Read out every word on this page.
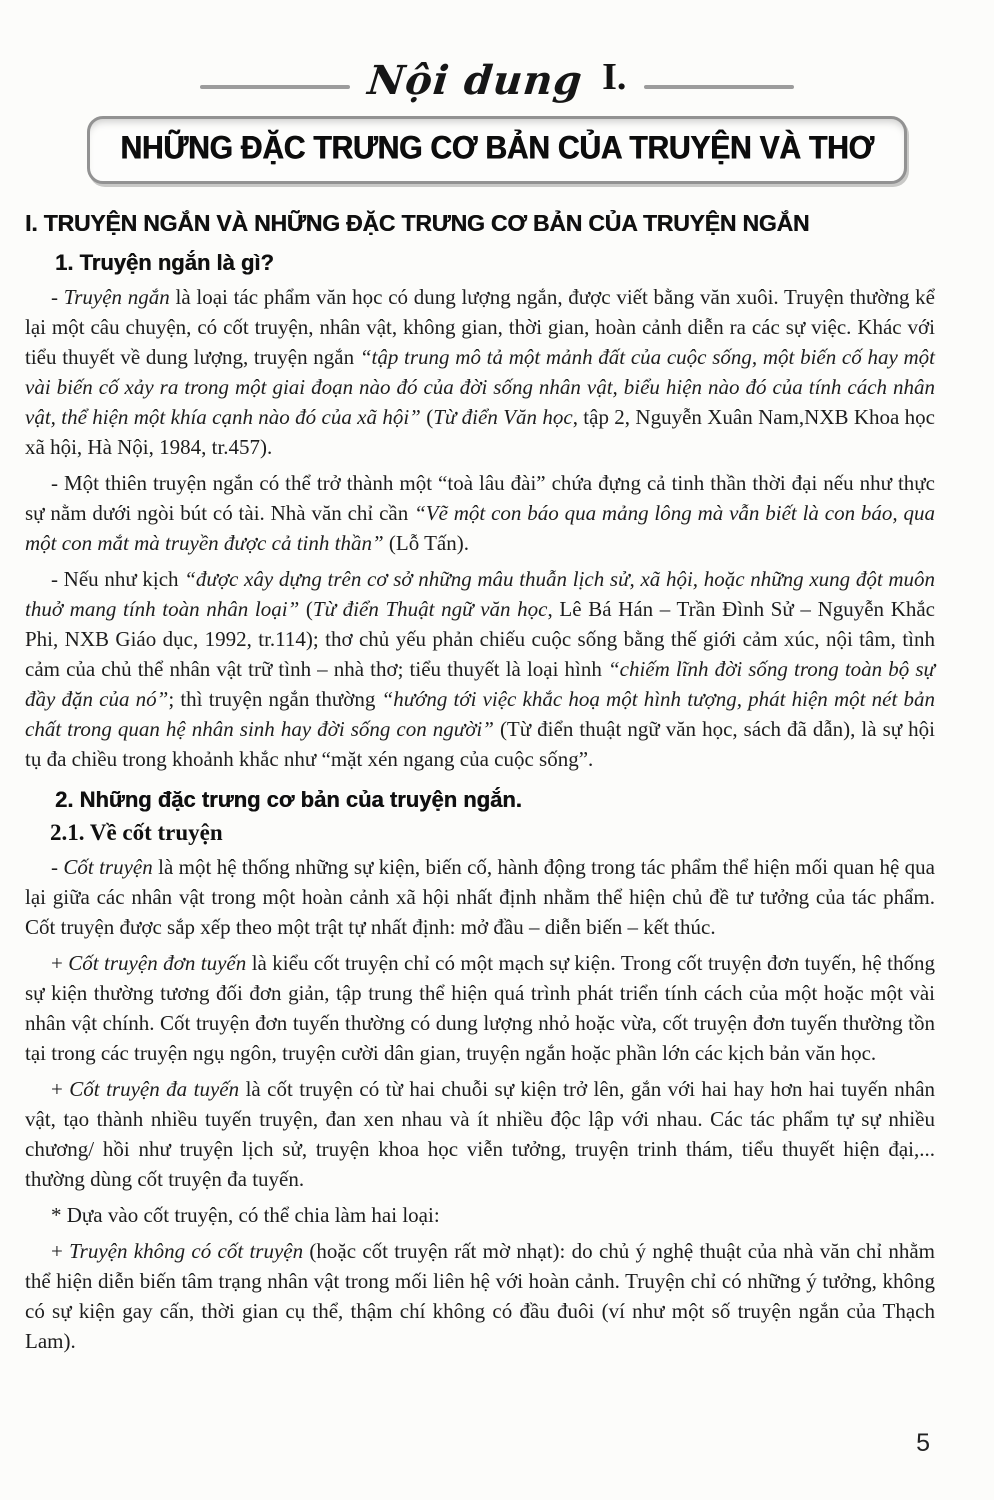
Nội dung I.
NHỮNG ĐẶC TRƯNG CƠ BẢN CỦA TRUYỆN VÀ THƠ
I. TRUYỆN NGẮN VÀ NHỮNG ĐẶC TRƯNG CƠ BẢN CỦA TRUYỆN NGẮN
1. Truyện ngắn là gì?

- Truyện ngắn là loại tác phẩm văn học có dung lượng ngắn, được viết bằng văn xuôi. Truyện thường kể lại một câu chuyện, có cốt truyện, nhân vật, không gian, thời gian, hoàn cảnh diễn ra các sự việc. Khác với tiểu thuyết về dung lượng, truyện ngắn “tập trung mô tả một mảnh đất của cuộc sống, một biến cố hay một vài biến cố xảy ra trong một giai đoạn nào đó của đời sống nhân vật, biểu hiện nào đó của tính cách nhân vật, thể hiện một khía cạnh nào đó của xã hội” (Từ điển Văn học, tập 2, Nguyễn Xuân Nam,NXB Khoa học xã hội, Hà Nội, 1984, tr.457).

- Một thiên truyện ngắn có thể trở thành một “toà lâu đài” chứa đựng cả tinh thần thời đại nếu như thực sự nằm dưới ngòi bút có tài. Nhà văn chỉ cần “Vẽ một con báo qua mảng lông mà vẫn biết là con báo, qua một con mắt mà truyền được cả tinh thần” (Lỗ Tấn).

- Nếu như kịch “được xây dựng trên cơ sở những mâu thuẫn lịch sử, xã hội, hoặc những xung đột muôn thuở mang tính toàn nhân loại” (Từ điển Thuật ngữ văn học, Lê Bá Hán – Trần Đình Sử – Nguyễn Khắc Phi, NXB Giáo dục, 1992, tr.114); thơ chủ yếu phản chiếu cuộc sống bằng thế giới cảm xúc, nội tâm, tình cảm của chủ thể nhân vật trữ tình – nhà thơ; tiểu thuyết là loại hình “chiếm lĩnh đời sống trong toàn bộ sự đầy đặn của nó”; thì truyện ngắn thường “hướng tới việc khắc hoạ một hình tượng, phát hiện một nét bản chất trong quan hệ nhân sinh hay đời sống con người” (Từ điển thuật ngữ văn học, sách đã dẫn), là sự hội tụ đa chiều trong khoảnh khắc như “mặt xén ngang của cuộc sống”.

2. Những đặc trưng cơ bản của truyện ngắn.
2.1. Về cốt truyện

- Cốt truyện là một hệ thống những sự kiện, biến cố, hành động trong tác phẩm thể hiện mối quan hệ qua lại giữa các nhân vật trong một hoàn cảnh xã hội nhất định nhằm thể hiện chủ đề tư tưởng của tác phẩm. Cốt truyện được sắp xếp theo một trật tự nhất định: mở đầu – diễn biến – kết thúc.

+ Cốt truyện đơn tuyến là kiểu cốt truyện chỉ có một mạch sự kiện. Trong cốt truyện đơn tuyến, hệ thống sự kiện thường tương đối đơn giản, tập trung thể hiện quá trình phát triển tính cách của một hoặc một vài nhân vật chính. Cốt truyện đơn tuyến thường có dung lượng nhỏ hoặc vừa, cốt truyện đơn tuyến thường tồn tại trong các truyện ngụ ngôn, truyện cười dân gian, truyện ngắn hoặc phần lớn các kịch bản văn học.

+ Cốt truyện đa tuyến là cốt truyện có từ hai chuỗi sự kiện trở lên, gắn với hai hay hơn hai tuyến nhân vật, tạo thành nhiều tuyến truyện, đan xen nhau và ít nhiều độc lập với nhau. Các tác phẩm tự sự nhiều chương/ hồi như truyện lịch sử, truyện khoa học viễn tưởng, truyện trinh thám, tiểu thuyết hiện đại,... thường dùng cốt truyện đa tuyến.

* Dựa vào cốt truyện, có thể chia làm hai loại:

+ Truyện không có cốt truyện (hoặc cốt truyện rất mờ nhạt): do chủ ý nghệ thuật của nhà văn chỉ nhằm thể hiện diễn biến tâm trạng nhân vật trong mối liên hệ với hoàn cảnh. Truyện chỉ có những ý tưởng, không có sự kiện gay cấn, thời gian cụ thể, thậm chí không có đầu đuôi (ví như một số truyện ngắn của Thạch Lam).

5
